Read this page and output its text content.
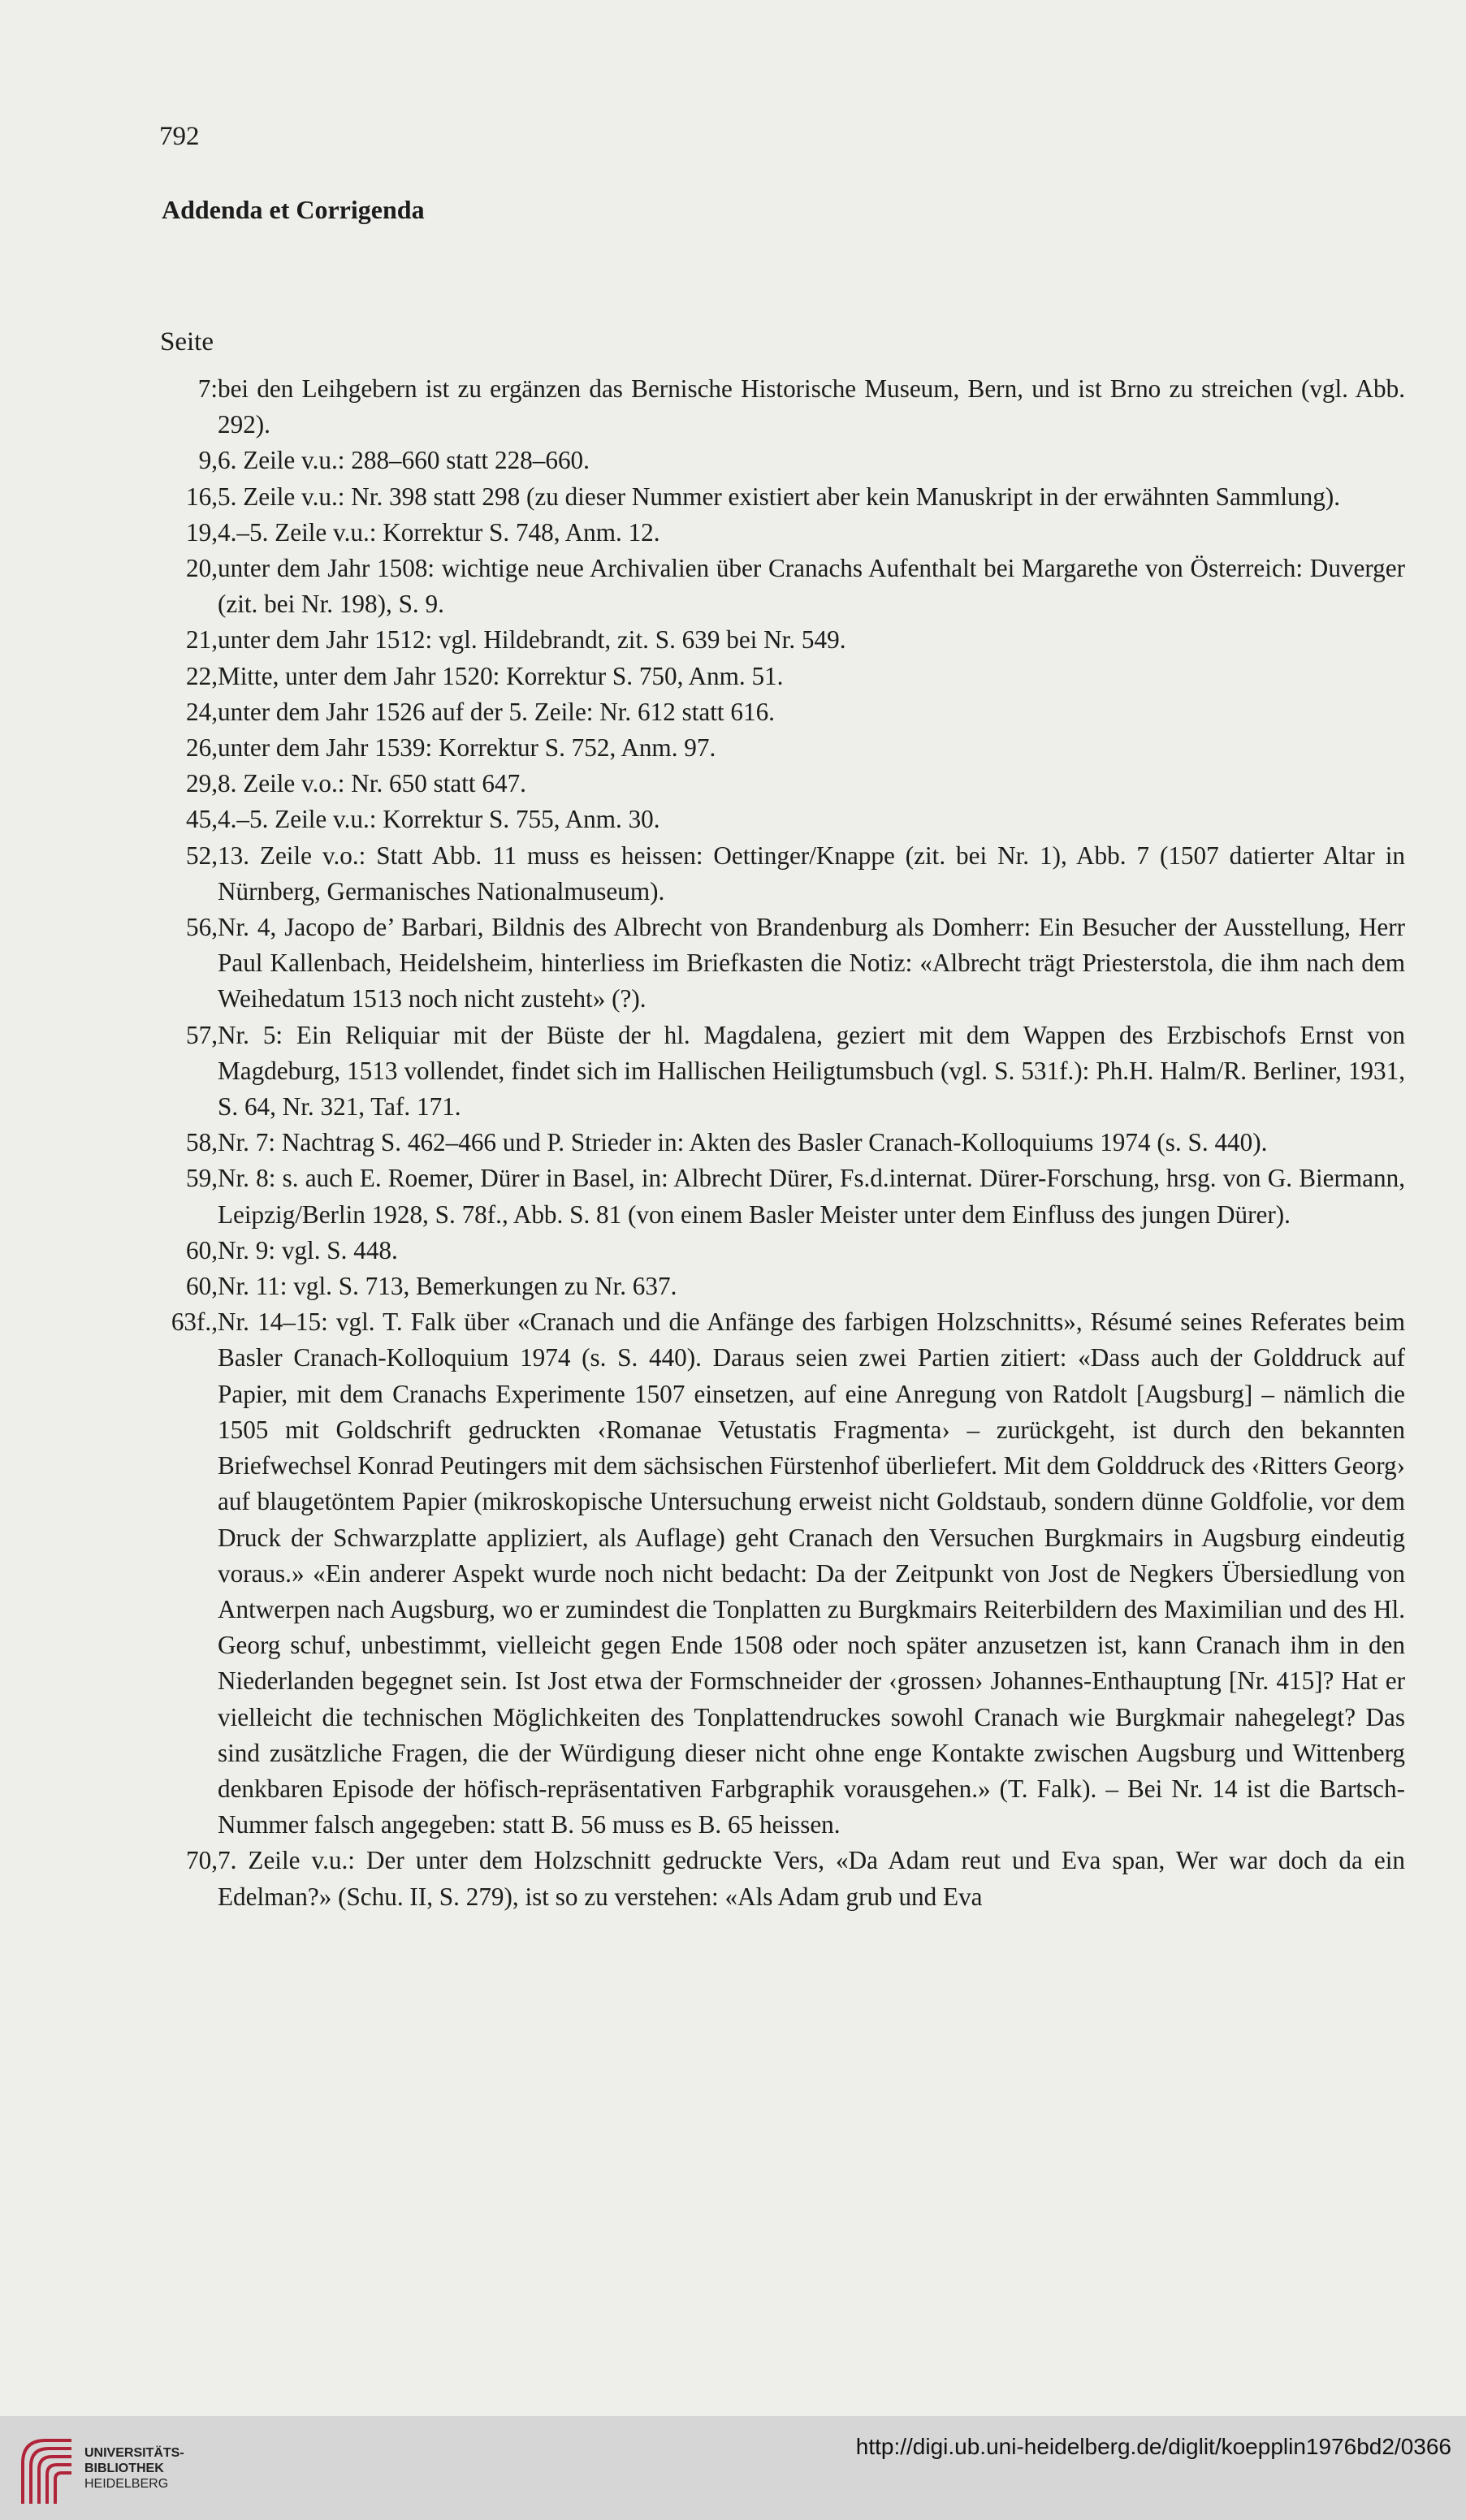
792
Addenda et Corrigenda
Seite
7: bei den Leihgebern ist zu ergänzen das Bernische Historische Museum, Bern, und ist Brno zu streichen (vgl. Abb. 292).
9, 6. Zeile v.u.: 288–660 statt 228–660.
16, 5. Zeile v.u.: Nr. 398 statt 298 (zu dieser Nummer existiert aber kein Manuskript in der erwähnten Sammlung).
19, 4.–5. Zeile v.u.: Korrektur S. 748, Anm. 12.
20, unter dem Jahr 1508: wichtige neue Archivalien über Cranachs Aufenthalt bei Margarethe von Österreich: Duverger (zit. bei Nr. 198), S. 9.
21, unter dem Jahr 1512: vgl. Hildebrandt, zit. S. 639 bei Nr. 549.
22, Mitte, unter dem Jahr 1520: Korrektur S. 750, Anm. 51.
24, unter dem Jahr 1526 auf der 5. Zeile: Nr. 612 statt 616.
26, unter dem Jahr 1539: Korrektur S. 752, Anm. 97.
29, 8. Zeile v.o.: Nr. 650 statt 647.
45, 4.–5. Zeile v.u.: Korrektur S. 755, Anm. 30.
52, 13. Zeile v.o.: Statt Abb. 11 muss es heissen: Oettinger/Knappe (zit. bei Nr. 1), Abb. 7 (1507 datierter Altar in Nürnberg, Germanisches Nationalmuseum).
56, Nr. 4, Jacopo de’ Barbari, Bildnis des Albrecht von Brandenburg als Domherr: Ein Besucher der Ausstellung, Herr Paul Kallenbach, Heidelsheim, hinterliess im Briefkasten die Notiz: «Albrecht trägt Priesterstola, die ihm nach dem Weihedatum 1513 noch nicht zusteht» (?).
57, Nr. 5: Ein Reliquiar mit der Büste der hl. Magdalena, geziert mit dem Wappen des Erzbischofs Ernst von Magdeburg, 1513 vollendet, findet sich im Hallischen Heiligtumsbuch (vgl. S. 531f.): Ph.H. Halm/R. Berliner, 1931, S. 64, Nr. 321, Taf. 171.
58, Nr. 7: Nachtrag S. 462–466 und P. Strieder in: Akten des Basler Cranach-Kolloquiums 1974 (s. S. 440).
59, Nr. 8: s. auch E. Roemer, Dürer in Basel, in: Albrecht Dürer, Fs.d.internat. Dürer-Forschung, hrsg. von G. Biermann, Leipzig/Berlin 1928, S. 78f., Abb. S. 81 (von einem Basler Meister unter dem Einfluss des jungen Dürer).
60, Nr. 9: vgl. S. 448.
60, Nr. 11: vgl. S. 713, Bemerkungen zu Nr. 637.
63f., Nr. 14–15: vgl. T. Falk über «Cranach und die Anfänge des farbigen Holzschnitts», Résumé seines Referates beim Basler Cranach-Kolloquium 1974 (s. S. 440). Daraus seien zwei Partien zitiert: «Dass auch der Golddruck auf Papier, mit dem Cranachs Experimente 1507 einsetzen, auf eine Anregung von Ratdolt [Augsburg] – nämlich die 1505 mit Goldschrift gedruckten ‹Romanae Vetustatis Fragmenta› – zurückgeht, ist durch den bekannten Briefwechsel Konrad Peutingers mit dem sächsischen Fürstenhof überliefert. Mit dem Golddruck des ‹Ritters Georg› auf blaugetöntem Papier (mikroskopische Untersuchung erweist nicht Goldstaub, sondern dünne Goldfolie, vor dem Druck der Schwarzplatte appliziert, als Auflage) geht Cranach den Versuchen Burgkmairs in Augsburg eindeutig voraus.» «Ein anderer Aspekt wurde noch nicht bedacht: Da der Zeitpunkt von Jost de Negkers Übersiedlung von Antwerpen nach Augsburg, wo er zumindest die Tonplatten zu Burgkmairs Reiterbildern des Maximilian und des Hl. Georg schuf, unbestimmt, vielleicht gegen Ende 1508 oder noch später anzusetzen ist, kann Cranach ihm in den Niederlanden begegnet sein. Ist Jost etwa der Formschneider der ‹grossen› Johannes-Enthauptung [Nr. 415]? Hat er vielleicht die technischen Möglichkeiten des Tonplattendruckes sowohl Cranach wie Burgkmair nahegelegt? Das sind zusätzliche Fragen, die der Würdigung dieser nicht ohne enge Kontakte zwischen Augsburg und Wittenberg denkbaren Episode der höfisch-repräsentativen Farbgraphik vorausgehen.» (T. Falk). – Bei Nr. 14 ist die Bartsch-Nummer falsch angegeben: statt B. 56 muss es B. 65 heissen.
70, 7. Zeile v.u.: Der unter dem Holzschnitt gedruckte Vers, «Da Adam reut und Eva span, Wer war doch da ein Edelman?» (Schu. II, S. 279), ist so zu verstehen: «Als Adam grub und Eva
UNIVERSITÄTS-
BIBLIOTHEK
HEIDELBERG
http://digi.ub.uni-heidelberg.de/diglit/koepplin1976bd2/0366
